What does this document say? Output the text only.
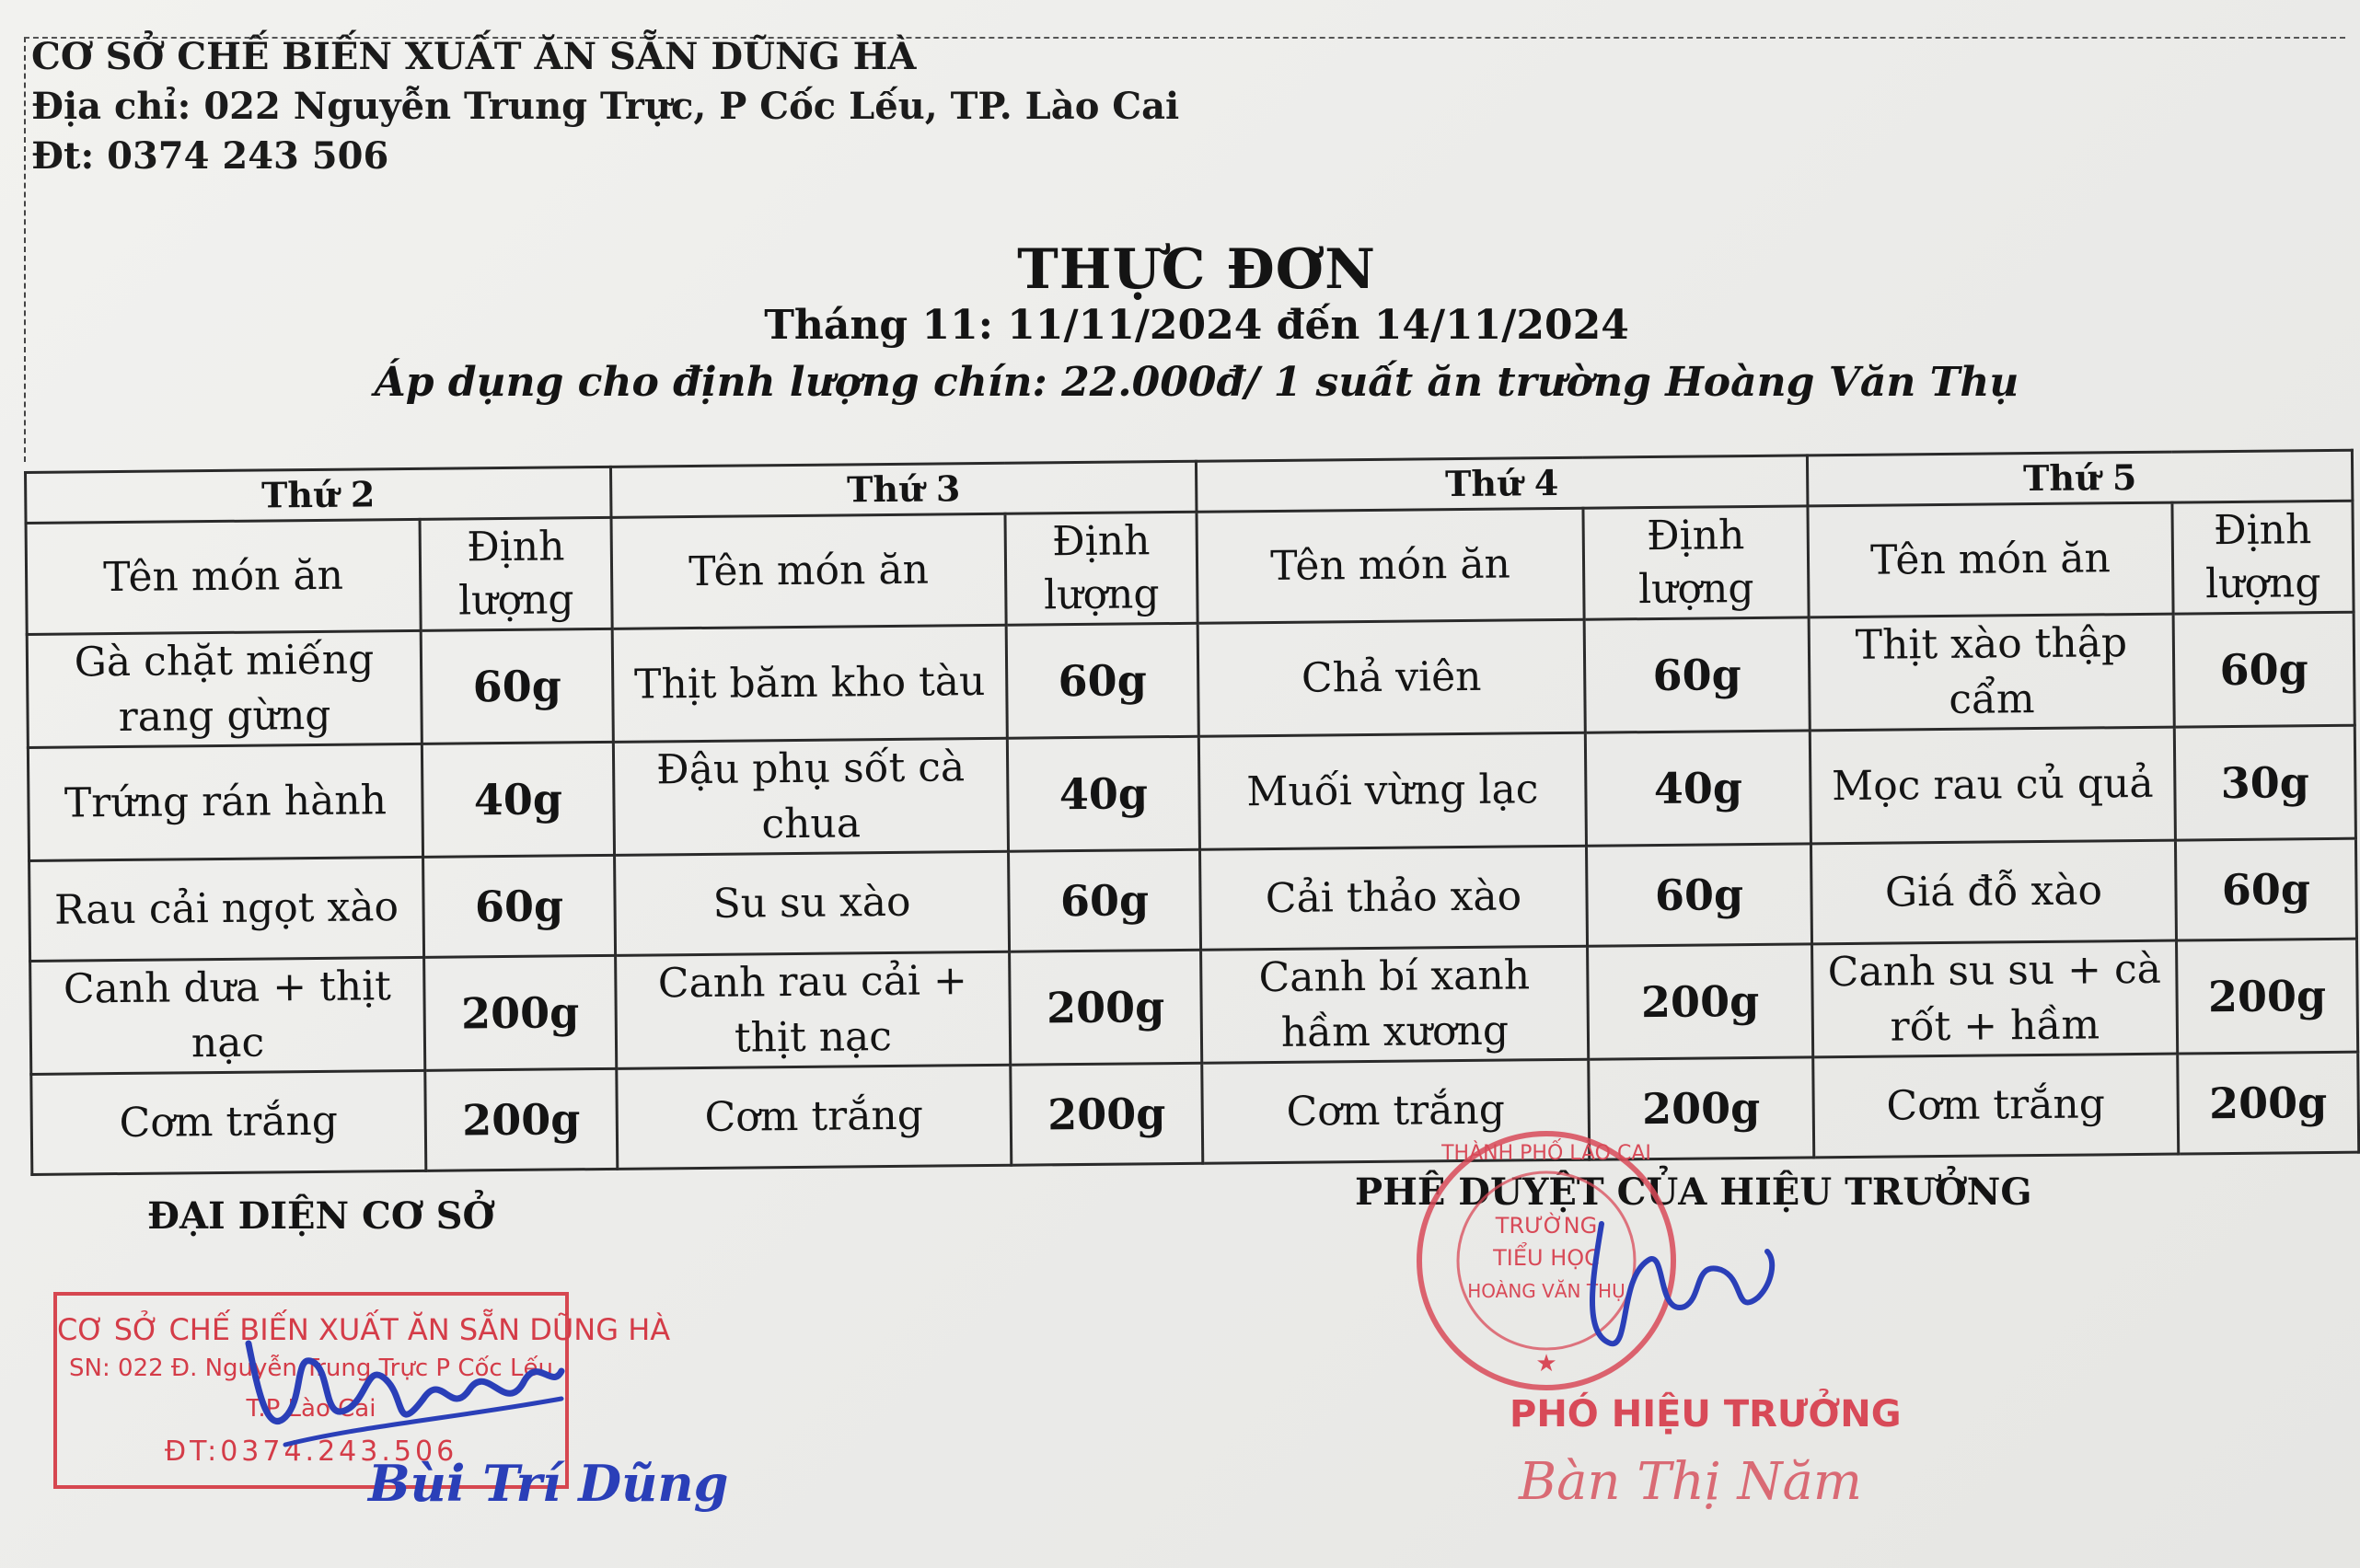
CƠ SỞ CHẾ BIẾN XUẤT ĂN SẴN DŨNG HÀ
Địa chỉ: 022 Nguyễn Trung Trực, P Cốc Lếu, TP. Lào Cai
Đt: 0374 243 506
THỰC ĐƠN
Tháng 11: 11/11/2024 đến 14/11/2024
Áp dụng cho định lượng chín: 22.000đ/ 1 suất ăn trường Hoàng Văn Thụ
Thứ 2		Thứ 3		Thứ 4		Thứ 5	
Tên món ăn	Định lượng	Tên món ăn	Định lượng	Tên món ăn	Định lượng	Tên món ăn	Định lượng
Gà chặt miếng rang gừng	60g	Thịt băm kho tàu	60g	Chả viên	60g	Thịt xào thập cẩm	60g
Trứng rán hành	40g	Đậu phụ sốt cà chua	40g	Muối vừng lạc	40g	Mọc rau củ quả	30g
Rau cải ngọt xào	60g	Su su xào	60g	Cải thảo xào	60g	Giá đỗ xào	60g
Canh dưa + thịt nạc	200g	Canh rau cải + thịt nạc	200g	Canh bí xanh hầm xương	200g	Canh su su + cà rốt + hầm	200g
Cơm trắng	200g	Cơm trắng	200g	Cơm trắng	200g	Cơm trắng	200g
ĐẠI DIỆN CƠ SỞ
PHÊ DUYỆT CỦA HIỆU TRƯỞNG
CƠ SỞ CHẾ BIẾN XUẤT ĂN SẴN DŨNG HÀ
SN: 022 Đ. Nguyễn Trung Trực P Cốc Lếu
T.P Lào Cai
ĐT:0374.243.506
Bùi Trí Dũng
THÀNH PHỐ LÀO CAI
TRƯỜNG
TIỂU HỌC
HOÀNG VĂN THỤ
★
PHÓ HIỆU TRƯỞNG
Bàn Thị Năm
